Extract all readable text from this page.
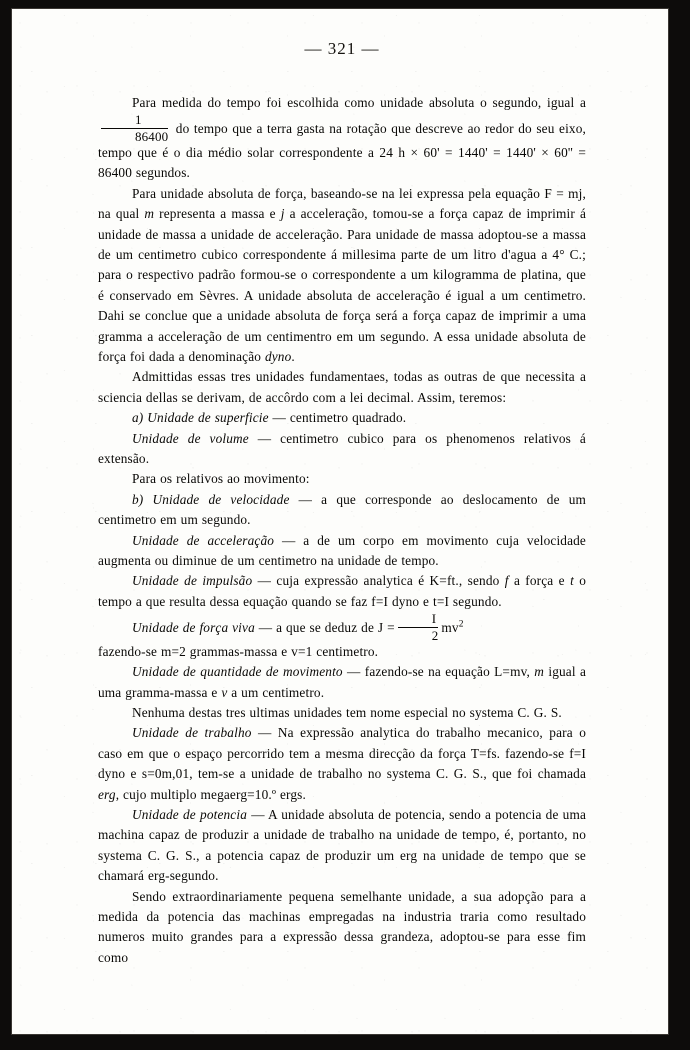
— 321 —

Para medida do tempo foi escolhida como unidade absoluta o segundo, igual a
$\frac{1}{86400}$ do tempo que a terra gasta na rotação que descreve ao redor do seu eixo, tempo que é o dia médio solar correspondente a 24 h × 60' = 1440' = 1440' × 60'' = 86400 segundos.

Para unidade absoluta de força, baseando-se na lei expressa pela equação F = mj, na qual m representa a massa e j a acceleração, tomou-se a força capaz de imprimir á unidade de massa a unidade de acceleração. Para unidade de massa adoptou-se a massa de um centimetro cubico correspondente á millesima parte de um litro d'agua a 4° C.; para o respectivo padrão formou-se o correspondente a um kilogramma de platina, que é conservado em Sèvres. A unidade absoluta de acceleração é igual a um centimetro. Dahi se conclue que a unidade absoluta de força será a força capaz de imprimir a uma gramma a acceleração de um centimentro em um segundo. A essa unidade absoluta de força foi dada a denominação dyno.

Admittidas essas tres unidades fundamentaes, todas as outras de que necessita a sciencia dellas se derivam, de accôrdo com a lei decimal. Assim, teremos:

a) Unidade de superficie — centimetro quadrado.

Unidade de volume — centimetro cubico para os phenomenos relativos á extensão.

Para os relativos ao movimento:

b) Unidade de velocidade — a que corresponde ao deslocamento de um centimetro em um segundo.

Unidade de acceleração — a de um corpo em movimento cuja velocidade augmenta ou diminue de um centimetro na unidade de tempo.

Unidade de impulsão — cuja expressão analytica é K=ft., sendo f a força e t o tempo a que resulta dessa equação quando se faz f=I dyno e t=I segundo.

Unidade de força viva — a que se deduz de $J = \frac{I}{2} mv^2$

fazendo-se m=2 grammas-massa e v=1 centimetro.

Unidade de quantidade de movimento — fazendo-se na equação L=mv, m igual a uma gramma-massa e v a um centimetro.

Nenhuma destas tres ultimas unidades tem nome especial no systema C. G. S.

Unidade de trabalho — Na expressão analytica do trabalho mecanico, para o caso em que o espaço percorrido tem a mesma direcção da força T=fs. fazendo-se f=I dyno e s=0m,01, tem-se a unidade de trabalho no systema C. G. S., que foi chamada erg, cujo multiplo megaerg=10.º ergs.

Unidade de potencia — A unidade absoluta de potencia, sendo a potencia de uma machina capaz de produzir a unidade de trabalho na unidade de tempo, é, portanto, no systema C. G. S., a potencia capaz de produzir um erg na unidade de tempo que se chamará erg-segundo.

Sendo extraordinariamente pequena semelhante unidade, a sua adopção para a medida da potencia das machinas empregadas na industria traria como resultado numeros muito grandes para a expressão dessa grandeza, adoptou-se para esse fim como
